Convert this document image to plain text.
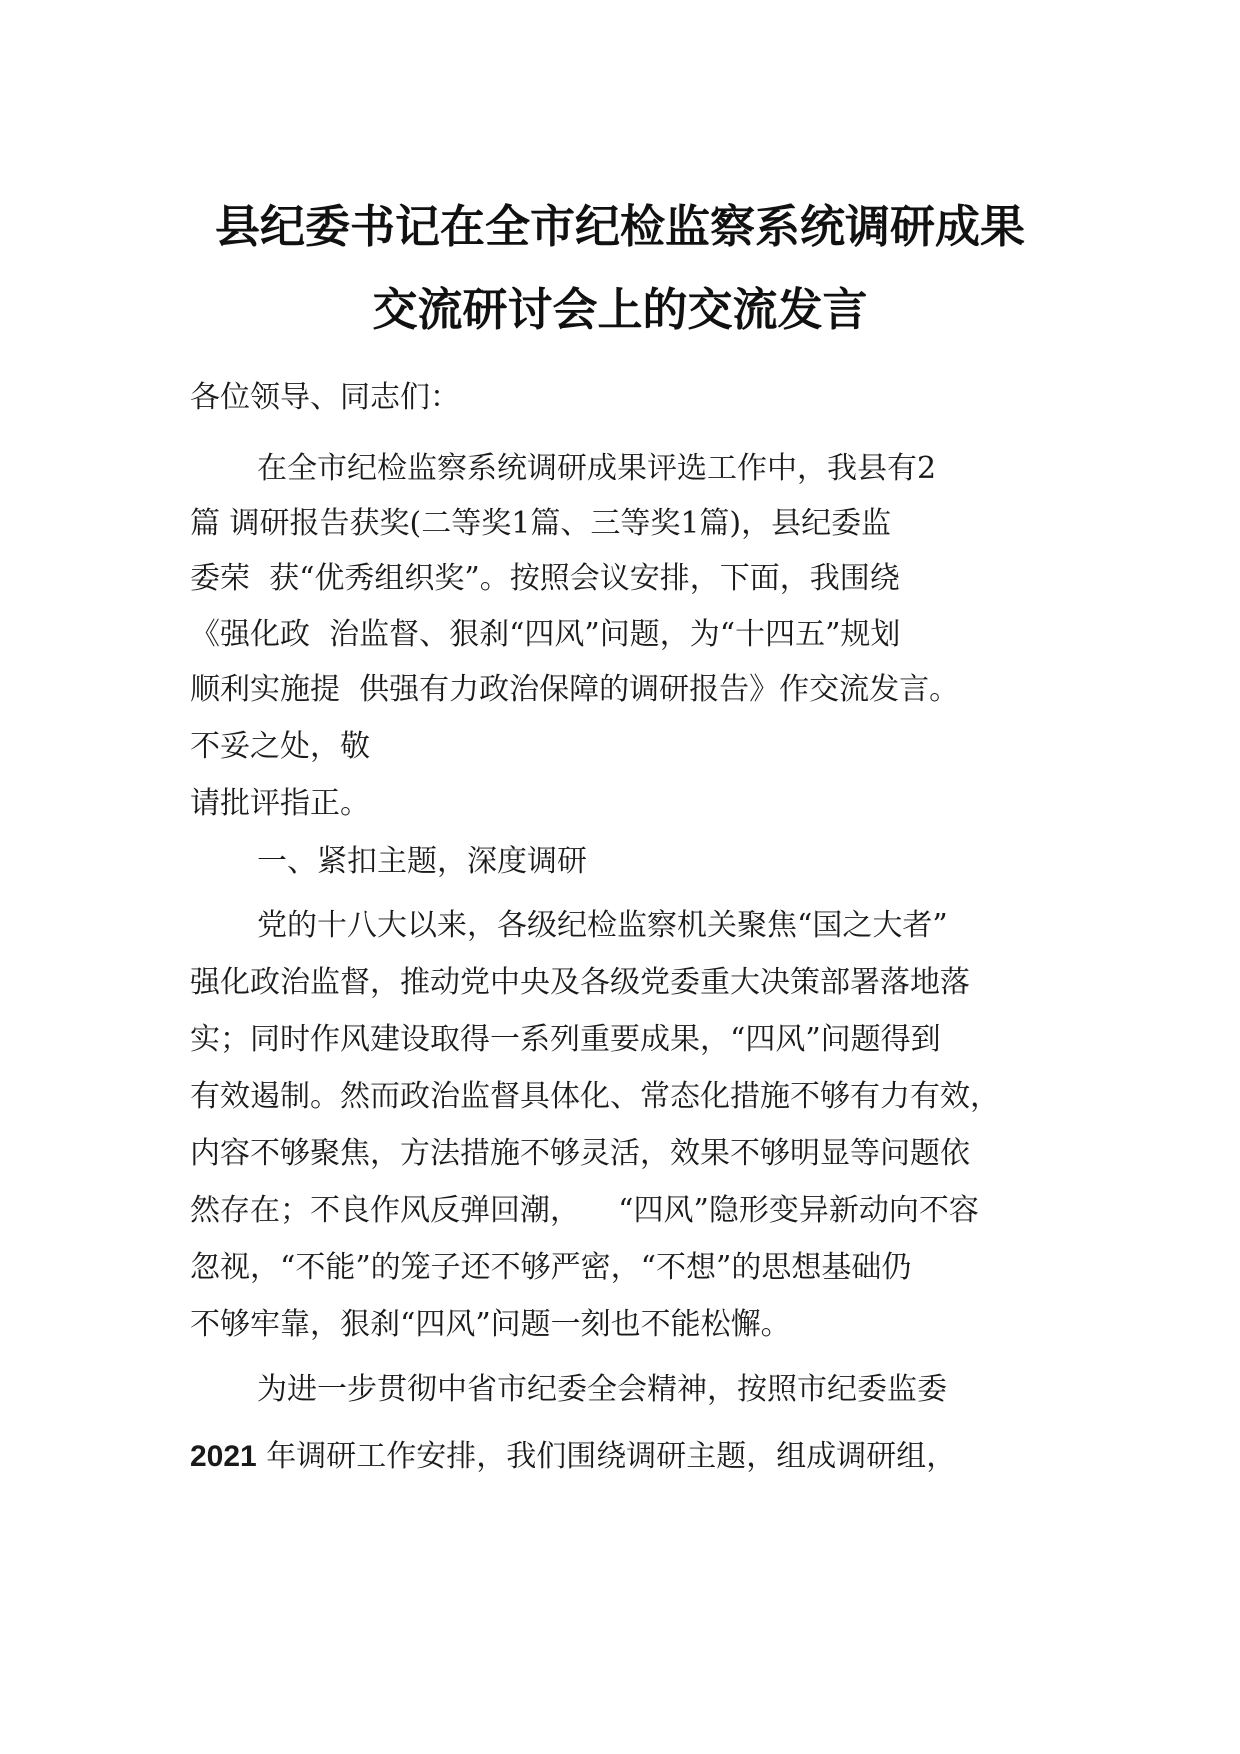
县纪委书记在全市纪检监察系统调研成果
交流研讨会上的交流发言
各位领导、同志们：
在全市纪检监察系统调研成果评选工作中，我县有2
篇 调研报告获奖(二等奖1篇、三等奖1篇)，县纪委监
委荣  获“优秀组织奖”。按照会议安排，下面，我围绕
《强化政  治监督、狠刹“四风”问题，为“十四五”规划
顺利实施提  供强有力政治保障的调研报告》作交流发言。
不妥之处，敬
请批评指正。
一、紧扣主题，深度调研
党的十八大以来，各级纪检监察机关聚焦“国之大者”
强化政治监督，推动党中央及各级党委重大决策部署落地落
实；同时作风建设取得一系列重要成果，“四风”问题得到
有效遏制。然而政治监督具体化、常态化措施不够有力有效，
内容不够聚焦，方法措施不够灵活，效果不够明显等问题依
然存在；不良作风反弹回潮，    “四风”隐形变异新动向不容
忽视，“不能”的笼子还不够严密，“不想”的思想基础仍
不够牢靠，狠刹“四风”问题一刻也不能松懈。
为进一步贯彻中省市纪委全会精神，按照市纪委监委
2021 年调研工作安排，我们围绕调研主题，组成调研组，
